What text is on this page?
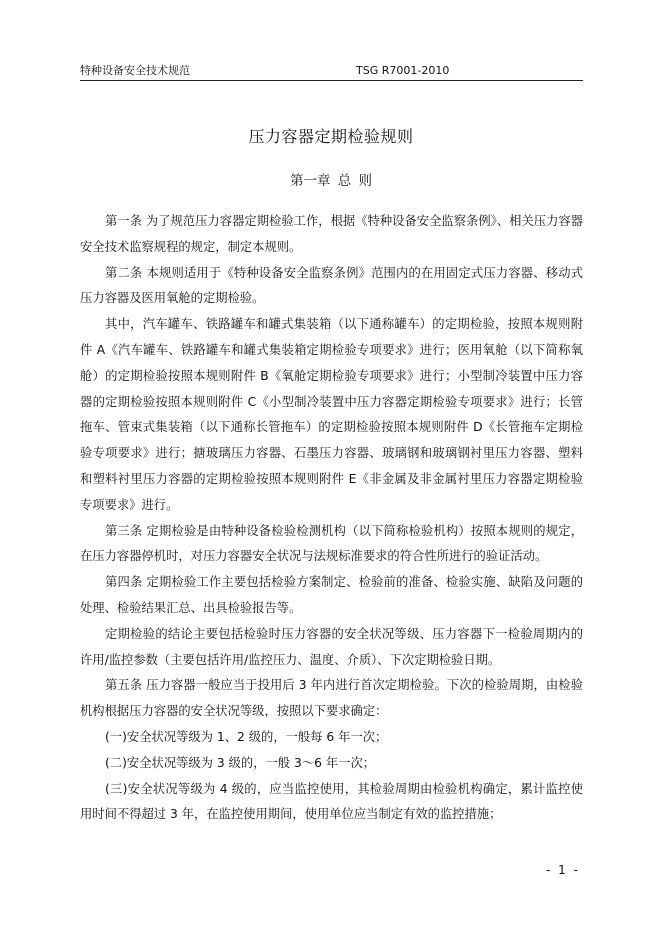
特种设备安全技术规范	TSG R7001-2010
压力容器定期检验规则
第一章 总 则

第一条 为了规范压力容器定期检验工作，根据《特种设备安全监察条例》、相关压力容器安全技术监察规程的规定，制定本规则。

第二条 本规则适用于《特种设备安全监察条例》范围内的在用固定式压力容器、移动式压力容器及医用氧舱的定期检验。

其中，汽车罐车、铁路罐车和罐式集装箱（以下通称罐车）的定期检验，按照本规则附件 A《汽车罐车、铁路罐车和罐式集装箱定期检验专项要求》进行；医用氧舱（以下简称氧舱）的定期检验按照本规则附件 B《氧舱定期检验专项要求》进行；小型制冷装置中压力容器的定期检验按照本规则附件 C《小型制冷装置中压力容器定期检验专项要求》进行；长管拖车、管束式集装箱（以下通称长管拖车）的定期检验按照本规则附件 D《长管拖车定期检验专项要求》进行；搪玻璃压力容器、石墨压力容器、玻璃钢和玻璃钢衬里压力容器、塑料和塑料衬里压力容器的定期检验按照本规则附件 E《非金属及非金属衬里压力容器定期检验专项要求》进行。

第三条 定期检验是由特种设备检验检测机构（以下简称检验机构）按照本规则的规定，在压力容器停机时，对压力容器安全状况与法规标准要求的符合性所进行的验证活动。

第四条 定期检验工作主要包括检验方案制定、检验前的准备、检验实施、缺陷及问题的处理、检验结果汇总、出具检验报告等。

定期检验的结论主要包括检验时压力容器的安全状况等级、压力容器下一检验周期内的许用/监控参数（主要包括许用/监控压力、温度、介质）、下次定期检验日期。

第五条 压力容器一般应当于投用后 3 年内进行首次定期检验。下次的检验周期，由检验机构根据压力容器的安全状况等级，按照以下要求确定：

(一)安全状况等级为 1、2 级的，一般每 6 年一次；

(二)安全状况等级为 3 级的，一般 3～6 年一次；

(三)安全状况等级为 4 级的，应当监控使用，其检验周期由检验机构确定，累计监控使用时间不得超过 3 年，在监控使用期间，使用单位应当制定有效的监控措施；

- 1 -
